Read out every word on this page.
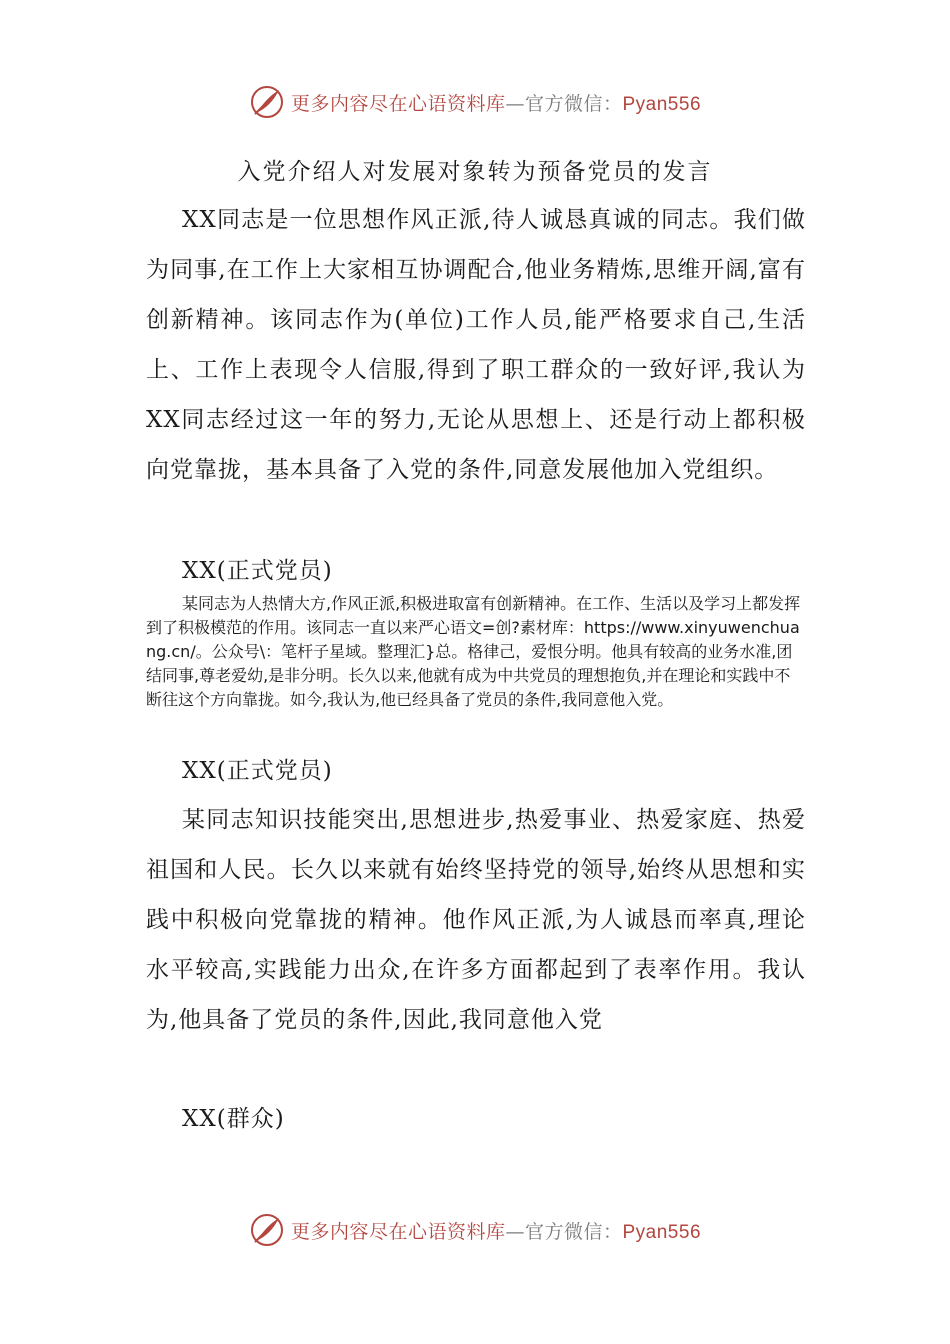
更多内容尽在心语资料库—官方微信：Pyan556
入党介绍人对发展对象转为预备党员的发言

XX同志是一位思想作风正派,待人诚恳真诚的同志。我们做为同事,在工作上大家相互协调配合,他业务精炼,思维开阔,富有创新精神。该同志作为(单位)工作人员,能严格要求自己,生活上、工作上表现令人信服,得到了职工群众的一致好评,我认为XX同志经过这一年的努力,无论从思想上、还是行动上都积极向党靠拢，基本具备了入党的条件,同意发展他加入党组织。

XX(正式党员)

某同志为人热情大方,作风正派,积极进取富有创新精神。在工作、生活以及学习上都发挥到了积极模范的作用。该同志一直以来严心语文=创?素材库：https://www.xinyuwenchuang.cn/。公众号\：笔杆子星域。整理汇}总。格律己，爱恨分明。他具有较高的业务水准,团结同事,尊老爱幼,是非分明。长久以来,他就有成为中共党员的理想抱负,并在理论和实践中不断往这个方向靠拢。如今,我认为,他已经具备了党员的条件,我同意他入党。

XX(正式党员)

某同志知识技能突出,思想进步,热爱事业、热爱家庭、热爱祖国和人民。长久以来就有始终坚持党的领导,始终从思想和实践中积极向党靠拢的精神。他作风正派,为人诚恳而率真,理论水平较高,实践能力出众,在许多方面都起到了表率作用。我认为,他具备了党员的条件,因此,我同意他入党

XX(群众)
更多内容尽在心语资料库—官方微信：Pyan556
